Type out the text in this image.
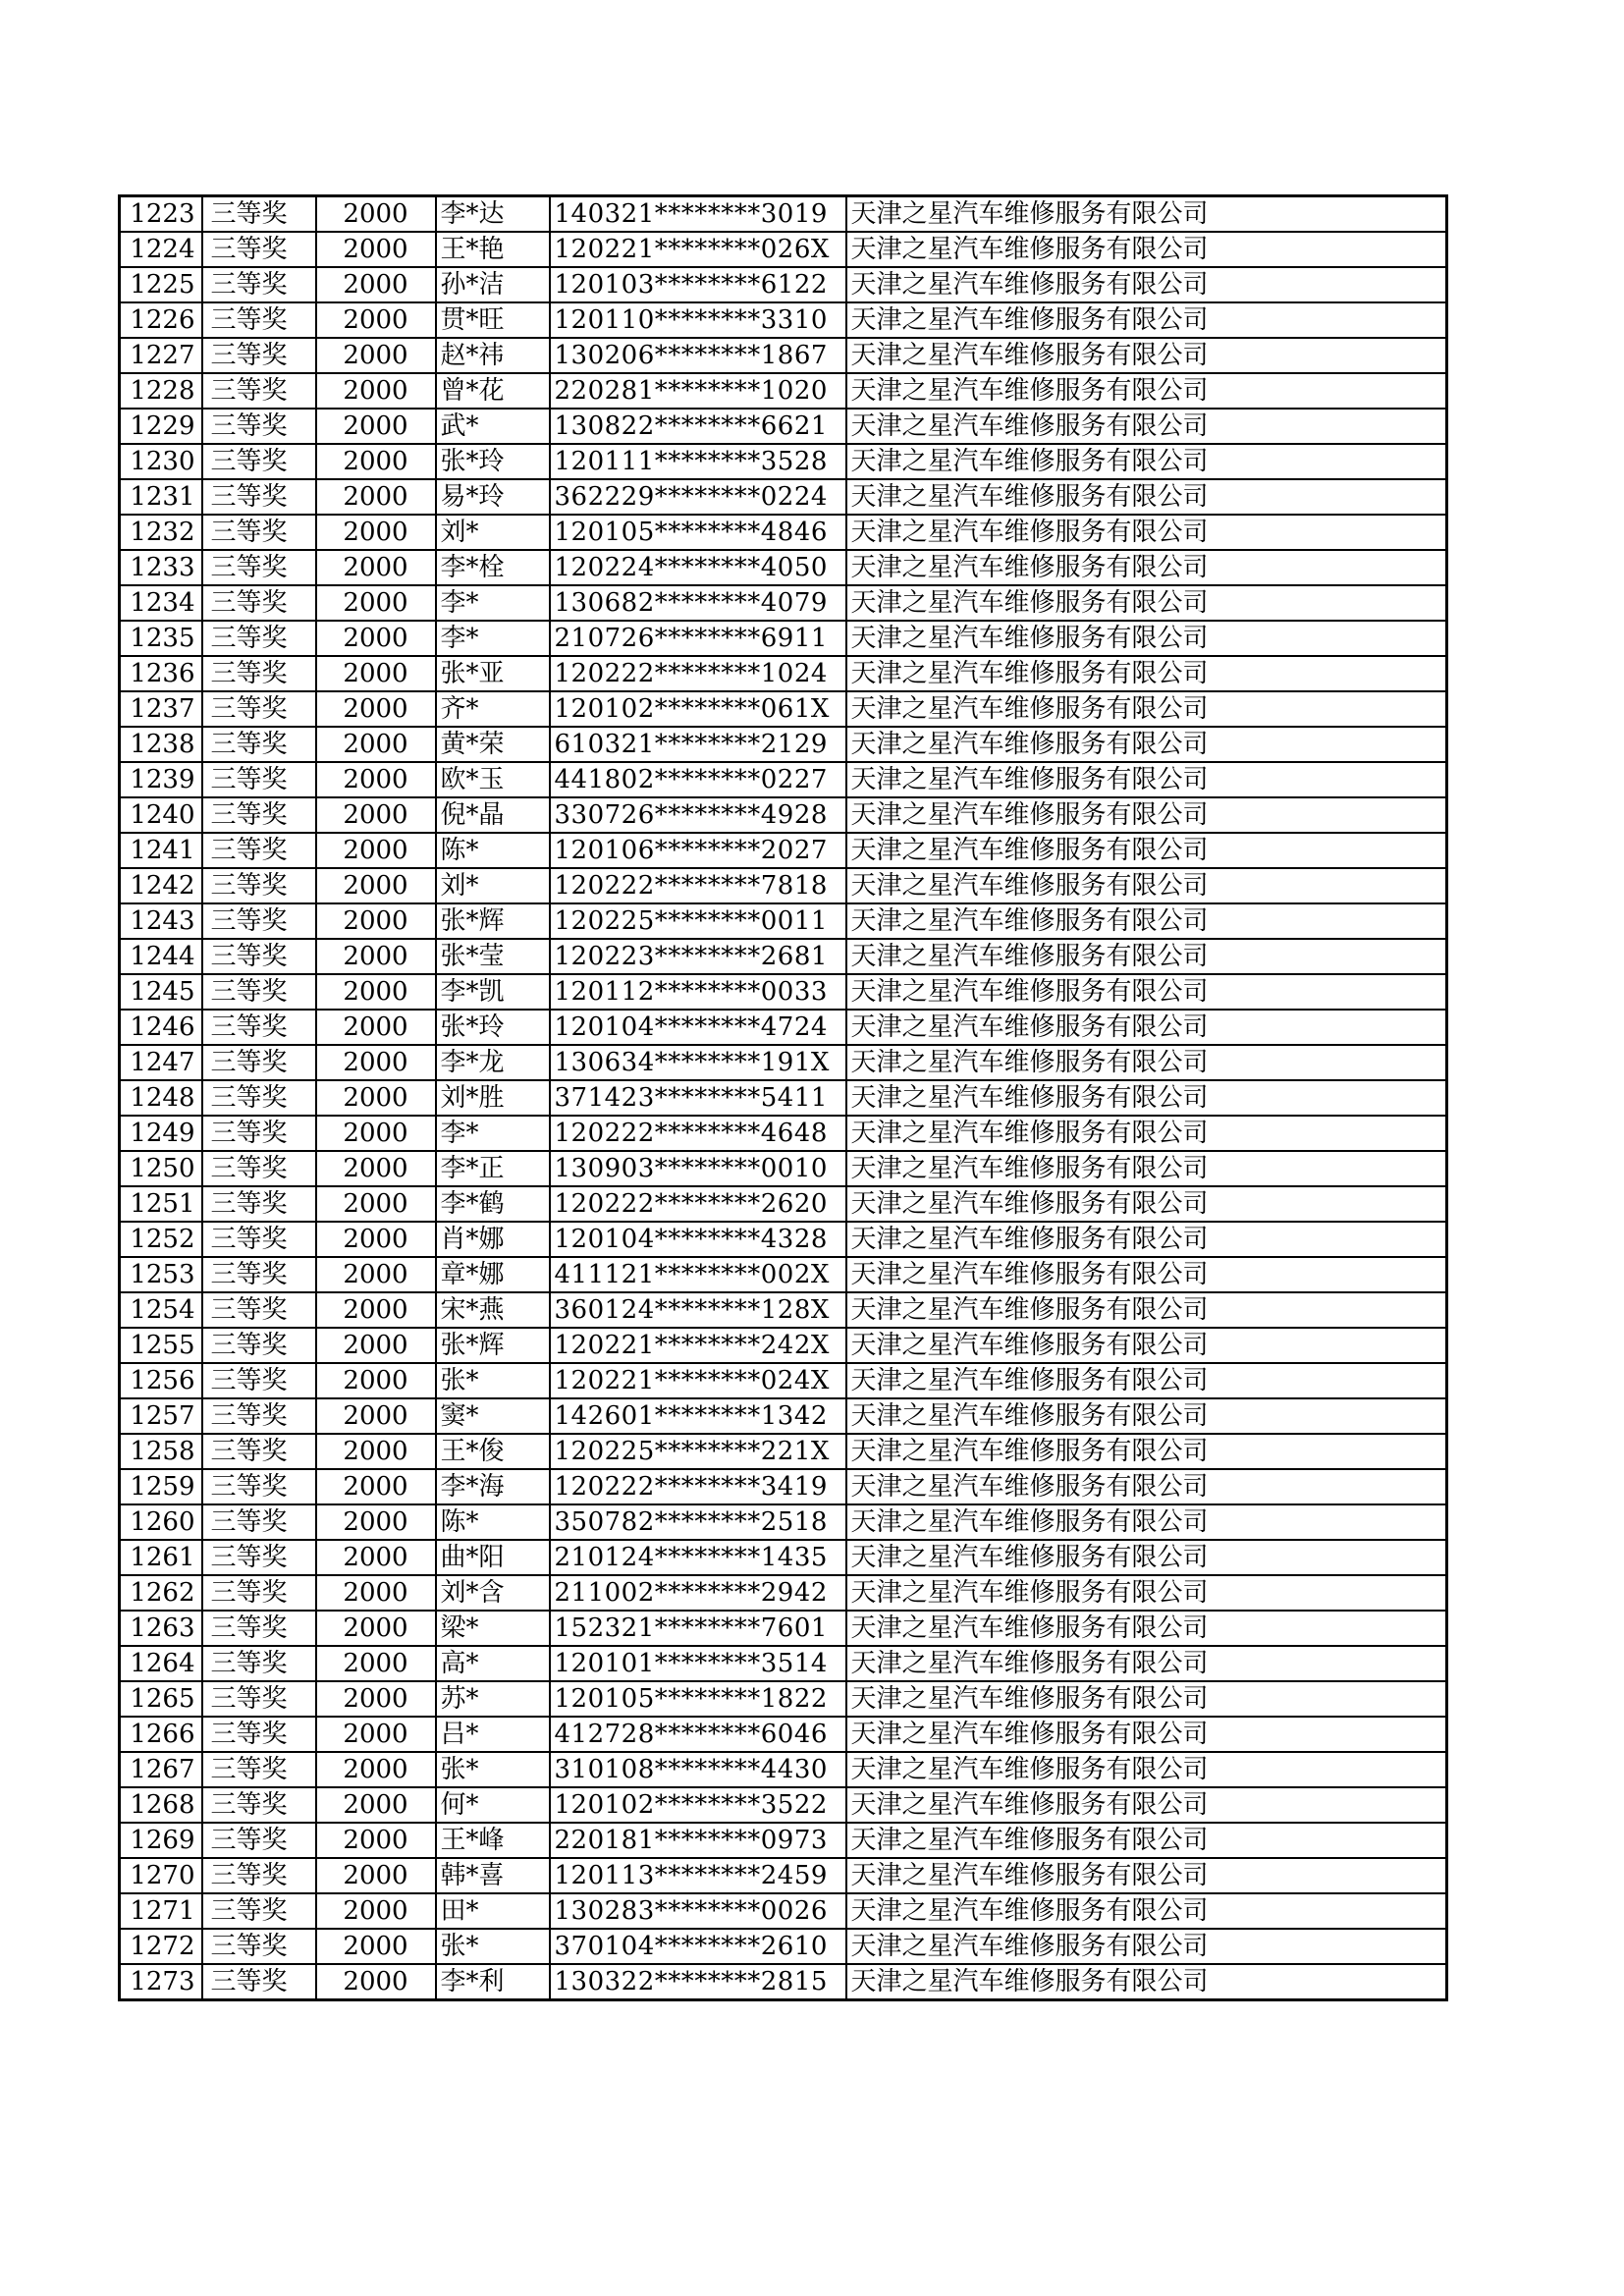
1223	三等奖	2000	李*达	140321********3019	天津之星汽车维修服务有限公司
1224	三等奖	2000	王*艳	120221********026X	天津之星汽车维修服务有限公司
1225	三等奖	2000	孙*洁	120103********6122	天津之星汽车维修服务有限公司
1226	三等奖	2000	贯*旺	120110********3310	天津之星汽车维修服务有限公司
1227	三等奖	2000	赵*祎	130206********1867	天津之星汽车维修服务有限公司
1228	三等奖	2000	曾*花	220281********1020	天津之星汽车维修服务有限公司
1229	三等奖	2000	武*	130822********6621	天津之星汽车维修服务有限公司
1230	三等奖	2000	张*玲	120111********3528	天津之星汽车维修服务有限公司
1231	三等奖	2000	易*玲	362229********0224	天津之星汽车维修服务有限公司
1232	三等奖	2000	刘*	120105********4846	天津之星汽车维修服务有限公司
1233	三等奖	2000	李*栓	120224********4050	天津之星汽车维修服务有限公司
1234	三等奖	2000	李*	130682********4079	天津之星汽车维修服务有限公司
1235	三等奖	2000	李*	210726********6911	天津之星汽车维修服务有限公司
1236	三等奖	2000	张*亚	120222********1024	天津之星汽车维修服务有限公司
1237	三等奖	2000	齐*	120102********061X	天津之星汽车维修服务有限公司
1238	三等奖	2000	黄*荣	610321********2129	天津之星汽车维修服务有限公司
1239	三等奖	2000	欧*玉	441802********0227	天津之星汽车维修服务有限公司
1240	三等奖	2000	倪*晶	330726********4928	天津之星汽车维修服务有限公司
1241	三等奖	2000	陈*	120106********2027	天津之星汽车维修服务有限公司
1242	三等奖	2000	刘*	120222********7818	天津之星汽车维修服务有限公司
1243	三等奖	2000	张*辉	120225********0011	天津之星汽车维修服务有限公司
1244	三等奖	2000	张*莹	120223********2681	天津之星汽车维修服务有限公司
1245	三等奖	2000	李*凯	120112********0033	天津之星汽车维修服务有限公司
1246	三等奖	2000	张*玲	120104********4724	天津之星汽车维修服务有限公司
1247	三等奖	2000	李*龙	130634********191X	天津之星汽车维修服务有限公司
1248	三等奖	2000	刘*胜	371423********5411	天津之星汽车维修服务有限公司
1249	三等奖	2000	李*	120222********4648	天津之星汽车维修服务有限公司
1250	三等奖	2000	李*正	130903********0010	天津之星汽车维修服务有限公司
1251	三等奖	2000	李*鹤	120222********2620	天津之星汽车维修服务有限公司
1252	三等奖	2000	肖*娜	120104********4328	天津之星汽车维修服务有限公司
1253	三等奖	2000	章*娜	411121********002X	天津之星汽车维修服务有限公司
1254	三等奖	2000	宋*燕	360124********128X	天津之星汽车维修服务有限公司
1255	三等奖	2000	张*辉	120221********242X	天津之星汽车维修服务有限公司
1256	三等奖	2000	张*	120221********024X	天津之星汽车维修服务有限公司
1257	三等奖	2000	窦*	142601********1342	天津之星汽车维修服务有限公司
1258	三等奖	2000	王*俊	120225********221X	天津之星汽车维修服务有限公司
1259	三等奖	2000	李*海	120222********3419	天津之星汽车维修服务有限公司
1260	三等奖	2000	陈*	350782********2518	天津之星汽车维修服务有限公司
1261	三等奖	2000	曲*阳	210124********1435	天津之星汽车维修服务有限公司
1262	三等奖	2000	刘*含	211002********2942	天津之星汽车维修服务有限公司
1263	三等奖	2000	梁*	152321********7601	天津之星汽车维修服务有限公司
1264	三等奖	2000	高*	120101********3514	天津之星汽车维修服务有限公司
1265	三等奖	2000	苏*	120105********1822	天津之星汽车维修服务有限公司
1266	三等奖	2000	吕*	412728********6046	天津之星汽车维修服务有限公司
1267	三等奖	2000	张*	310108********4430	天津之星汽车维修服务有限公司
1268	三等奖	2000	何*	120102********3522	天津之星汽车维修服务有限公司
1269	三等奖	2000	王*峰	220181********0973	天津之星汽车维修服务有限公司
1270	三等奖	2000	韩*喜	120113********2459	天津之星汽车维修服务有限公司
1271	三等奖	2000	田*	130283********0026	天津之星汽车维修服务有限公司
1272	三等奖	2000	张*	370104********2610	天津之星汽车维修服务有限公司
1273	三等奖	2000	李*利	130322********2815	天津之星汽车维修服务有限公司
